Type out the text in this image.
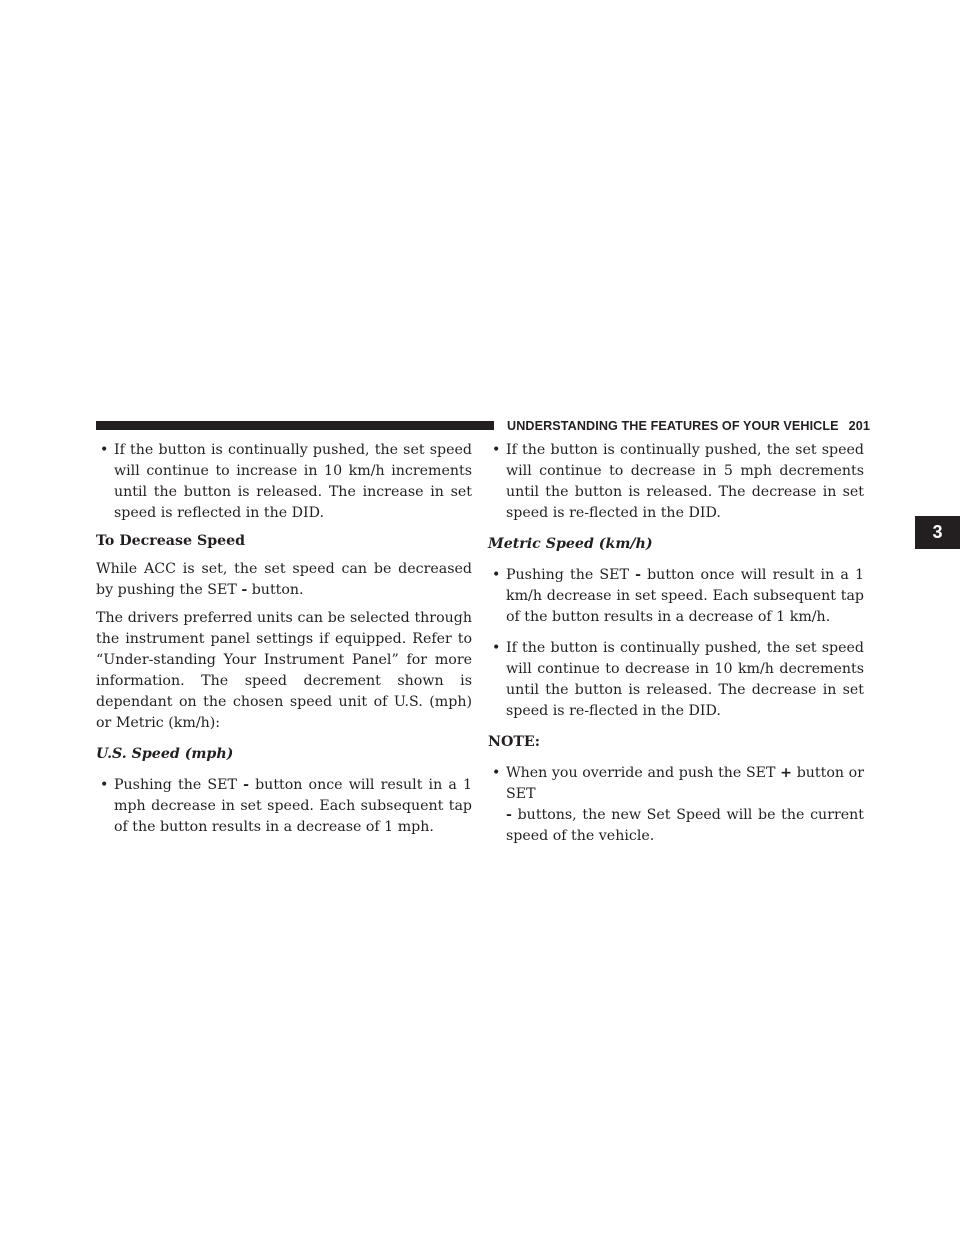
UNDERSTANDING THE FEATURES OF YOUR VEHICLE 201
3
• If the button is continually pushed, the set speed will continue to increase in 10 km/h increments until the button is released. The increase in set speed is reflected in the DID.

To Decrease Speed

While ACC is set, the set speed can be decreased by pushing the SET - button.

The drivers preferred units can be selected through the instrument panel settings if equipped. Refer to “Under-standing Your Instrument Panel” for more information. The speed decrement shown is dependant on the chosen speed unit of U.S. (mph) or Metric (km/h):

U.S. Speed (mph)

• Pushing the SET - button once will result in a 1 mph decrease in set speed. Each subsequent tap of the button results in a decrease of 1 mph.
• If the button is continually pushed, the set speed will continue to decrease in 5 mph decrements until the button is released. The decrease in set speed is re-flected in the DID.

Metric Speed (km/h)

• Pushing the SET - button once will result in a 1 km/h decrease in set speed. Each subsequent tap of the button results in a decrease of 1 km/h.
• If the button is continually pushed, the set speed will continue to decrease in 10 km/h decrements until the button is released. The decrease in set speed is re-flected in the DID.

NOTE:

• When you override and push the SET + button or SET
- buttons, the new Set Speed will be the current speed of the vehicle.
